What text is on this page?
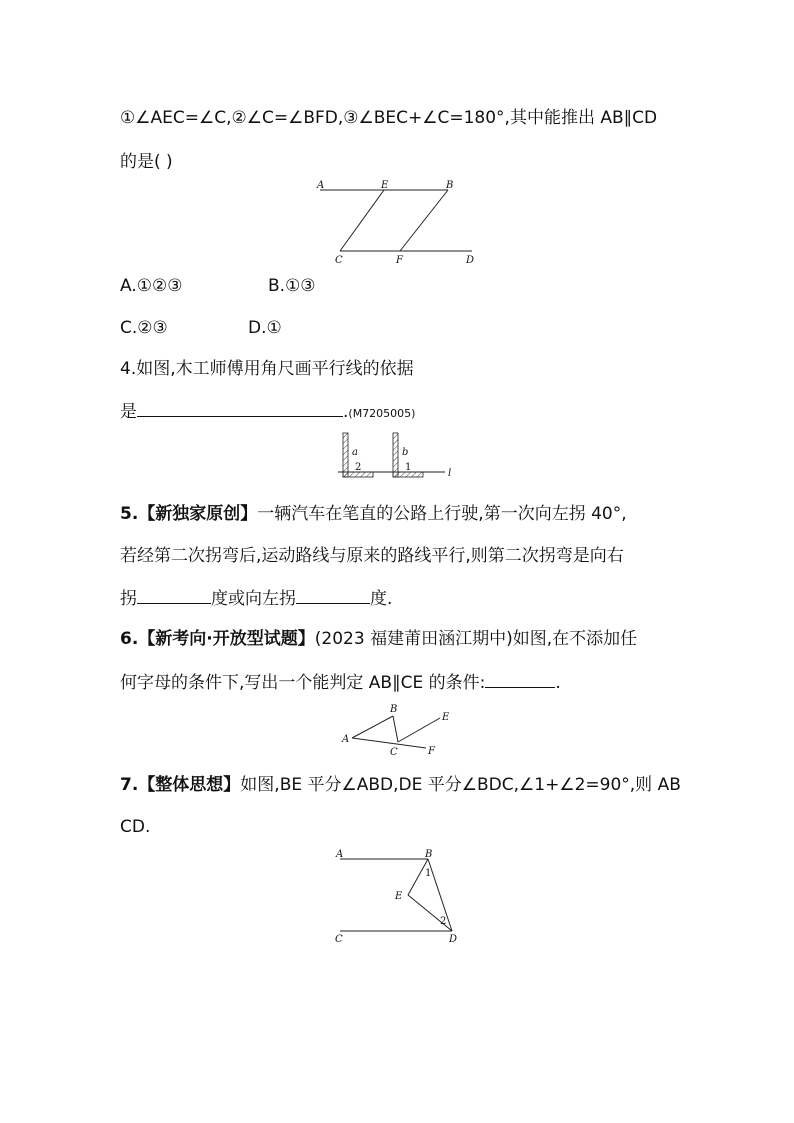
①∠AEC=∠C,②∠C=∠BFD,③∠BEC+∠C=180°,其中能推出 AB∥CD
的是( )
A	E	B
C	F	D
A.①②③	B.①③
C.②③	D.①
4.如图,木工师傅用角尺画平行线的依据
是	.(M7205005)
a	b
2	1
l
5.【新独家原创】一辆汽车在笔直的公路上行驶,第一次向左拐 40°,
若经第二次拐弯后,运动路线与原来的路线平行,则第二次拐弯是向右
拐	度或向左拐	度.
6.【新考向·开放型试题】(2023 福建莆田涵江期中)如图,在不添加任
何字母的条件下,写出一个能判定 AB∥CE 的条件:	.
A
B
C
E
F
7.【整体思想】如图,BE 平分∠ABD,DE 平分∠BDC,∠1+∠2=90°,则 AB
CD.
A	B
C	D
E
1
2
